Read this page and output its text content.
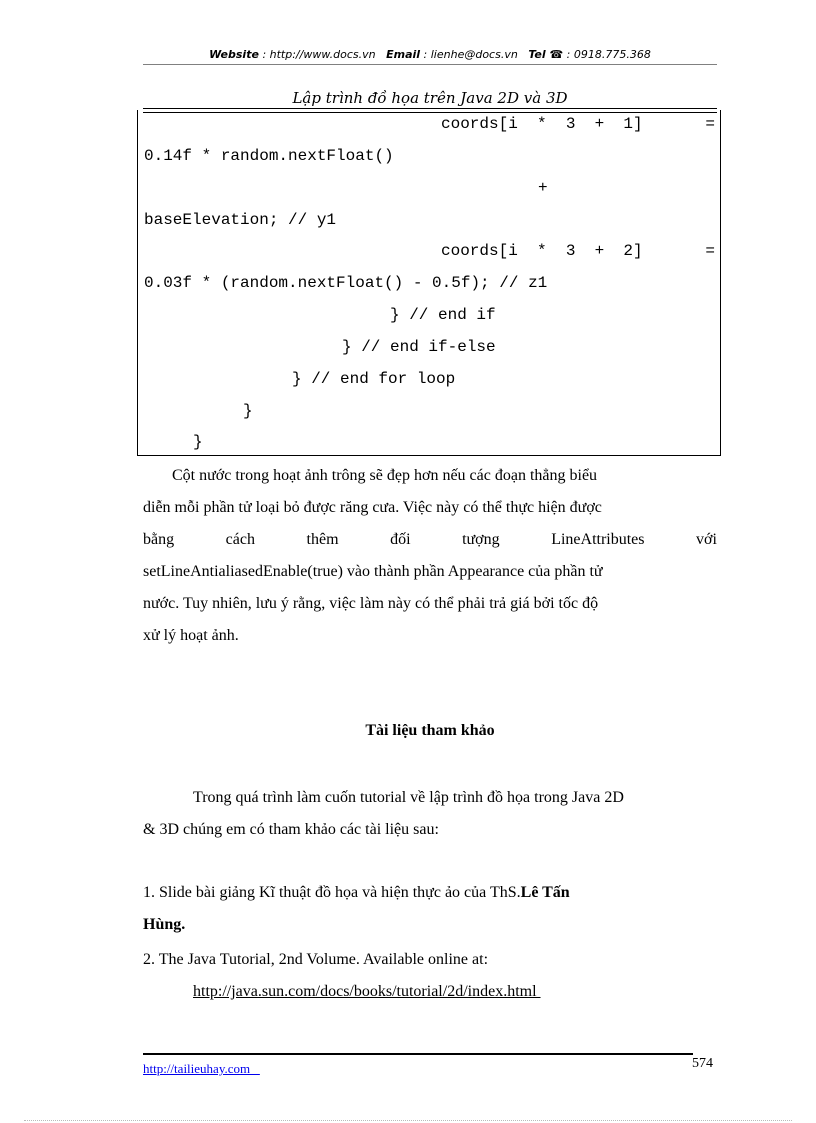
Website : http://www.docs.vn Email : lienhe@docs.vn Tel ☎ : 0918.775.368
Lập trình đồ họa trên Java 2D và 3D
coords[i  *  3  +  1]	=
0.14f * random.nextFloat()
+
baseElevation; // y1
coords[i  *  3  +  2]	=
0.03f * (random.nextFloat() - 0.5f); // z1
} // end if
} // end if-else
} // end for loop
}
}
Cột nước trong hoạt ảnh trông sẽ đẹp hơn nếu các đoạn thẳng biểu
diễn mỗi phần tử loại bỏ được răng cưa. Việc này có thể thực hiện được
bằng	cách	thêm	đối	tượng	LineAttributes	với
setLineAntialiasedEnable(true) vào thành phần Appearance của phần tử
nước. Tuy nhiên, lưu ý rằng, việc làm này có thể phải trả giá bởi tốc độ
xử lý hoạt ảnh.
Tài liệu tham khảo
Trong quá trình làm cuốn tutorial về lập trình đồ họa trong Java 2D
& 3D chúng em có tham khảo các tài liệu sau:
1. Slide bài giảng Kĩ thuật đồ họa và hiện thực ảo của ThS.Lê Tấn
Hùng.
2. The Java Tutorial, 2nd Volume. Available online at:
http://java.sun.com/docs/books/tutorial/2d/index.html
http://tailieuhay.com	574
